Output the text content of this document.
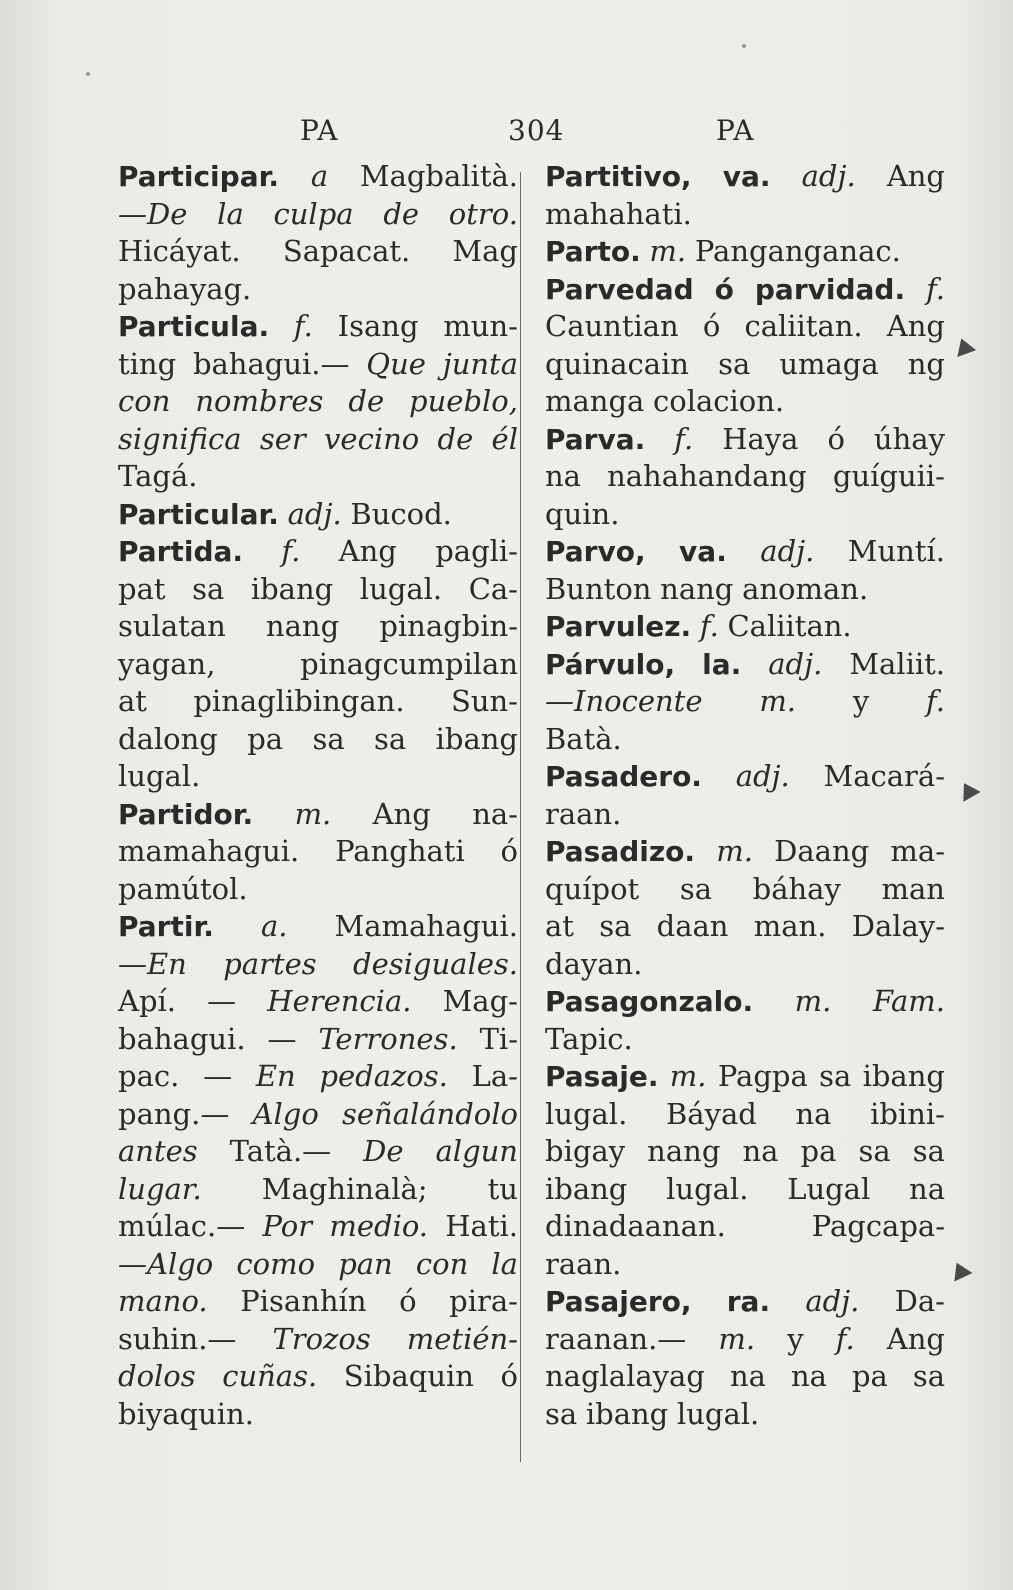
PA	304	PA
Participar. a Magbalità.
—De la culpa de otro.
Hicáyat. Sapacat. Mag
pahayag.
Particula. f. Isang mun-
ting bahagui.— Que junta
con nombres de pueblo,
significa ser vecino de él
Tagá.
Particular. adj. Bucod.
Partida. f. Ang pagli-
pat sa ibang lugal. Ca-
sulatan nang pinagbin-
yagan,	pinagcumpilan
at pinaglibingan. Sun-
dalong pa sa sa ibang
lugal.
Partidor. m. Ang na-
mamahagui. Panghati ó
pamútol.
Partir. a. Mamahagui.
—En partes desiguales.
Apí. — Herencia. Mag-
bahagui. — Terrones. Ti-
pac. — En pedazos. La-
pang.— Algo señalándolo
antes Tatà.— De algun
lugar. Maghinalà; tu
múlac.— Por medio. Hati.
—Algo como pan con la
mano. Pisanhín ó pira-
suhin.— Trozos metién-
dolos cuñas. Sibaquin ó
biyaquin.
Partitivo, va. adj. Ang
mahahati.
Parto. m. Panganganac.
Parvedad ó parvidad. f.
Cauntian ó caliitan. Ang
quinacain sa umaga ng
manga colacion.
Parva. f. Haya ó úhay
na nahahandang guíguii-
quin.
Parvo, va. adj. Muntí.
Bunton nang anoman.
Parvulez. f. Caliitan.
Párvulo, la. adj. Maliit.
—Inocente m. y f.
Batà.
Pasadero. adj. Macará-
raan.
Pasadizo. m. Daang ma-
quípot sa báhay man
at sa daan man. Dalay-
dayan.
Pasagonzalo. m. Fam.
Tapic.
Pasaje. m. Pagpa sa ibang
lugal. Báyad na ibini-
bigay nang na pa sa sa
ibang lugal. Lugal na
dinadaanan.	Pagcapa-
raan.
Pasajero, ra. adj. Da-
raanan.— m. y f. Ang
naglalayag na na pa sa
sa ibang lugal.
